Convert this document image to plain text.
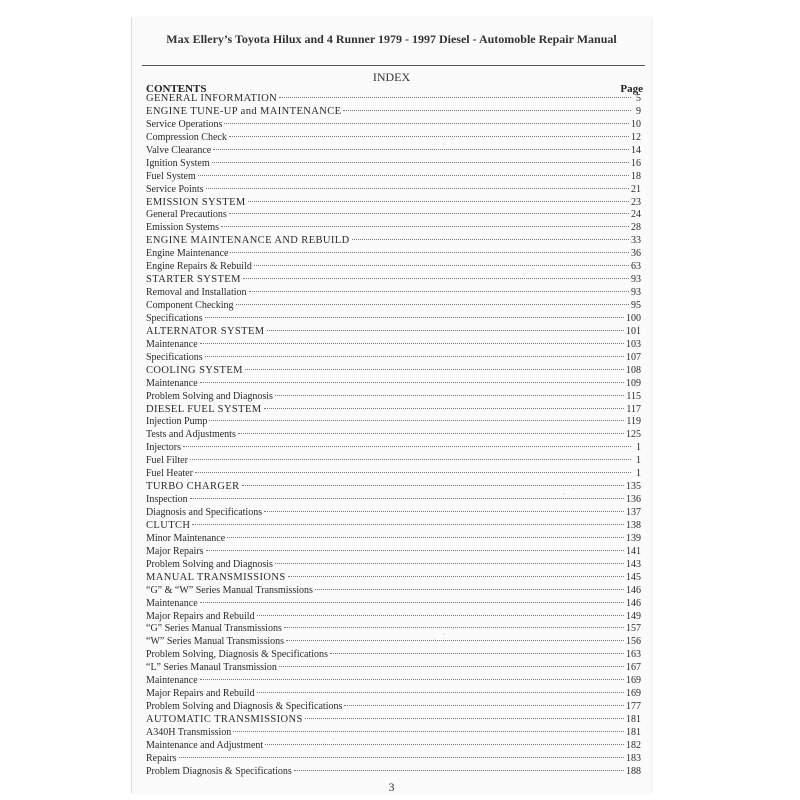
· · ·
· · ·
· · ·
· · ·
· · ·
Max Ellery’s Toyota Hilux and 4 Runner 1979 - 1997 Diesel - Automoble Repair Manual
INDEX
CONTENTS	Page
GENERAL INFORMATION	5
ENGINE TUNE-UP and MAINTENANCE	9
Service Operations	10
Compression Check	12
Valve Clearance	14
Ignition System	16
Fuel System	18
Service Points	21
EMISSION SYSTEM	23
General Precautions	24
Emission Systems	28
ENGINE MAINTENANCE AND REBUILD	33
Engine Maintenance	36
Engine Repairs & Rebuild	63
STARTER SYSTEM	93
Removal and Installation	93
Component Checking	95
Specifications	100
ALTERNATOR SYSTEM	101
Maintenance	103
Specifications	107
COOLING SYSTEM	108
Maintenance	109
Problem Solving and Diagnosis	115
DIESEL FUEL SYSTEM	117
Injection Pump	119
Tests and Adjustments	125
Injectors	1
Fuel Filter	1
Fuel Heater	1
TURBO CHARGER	135
Inspection	136
Diagnosis and Specifications	137
CLUTCH	138
Minor Maintenance	139
Major Repairs	141
Problem Solving and Diagnosis	143
MANUAL TRANSMISSIONS	145
“G” & “W” Series Manual Transmissions	146
Maintenance	146
Major Repairs and Rebuild	149
“G” Series Manual Transmissions	157
“W” Series Manual Transmissions	156
Problem Solving, Diagnosis & Specifications	163
“L” Series Manaul Transmission	167
Maintenance	169
Major Repairs and Rebuild	169
Problem Solving and Diagnosis & Specifications	177
AUTOMATIC TRANSMISSIONS	181
A340H Transmission	181
Maintenance and Adjustment	182
Repairs	183
Problem Diagnosis & Specifications	188
3
